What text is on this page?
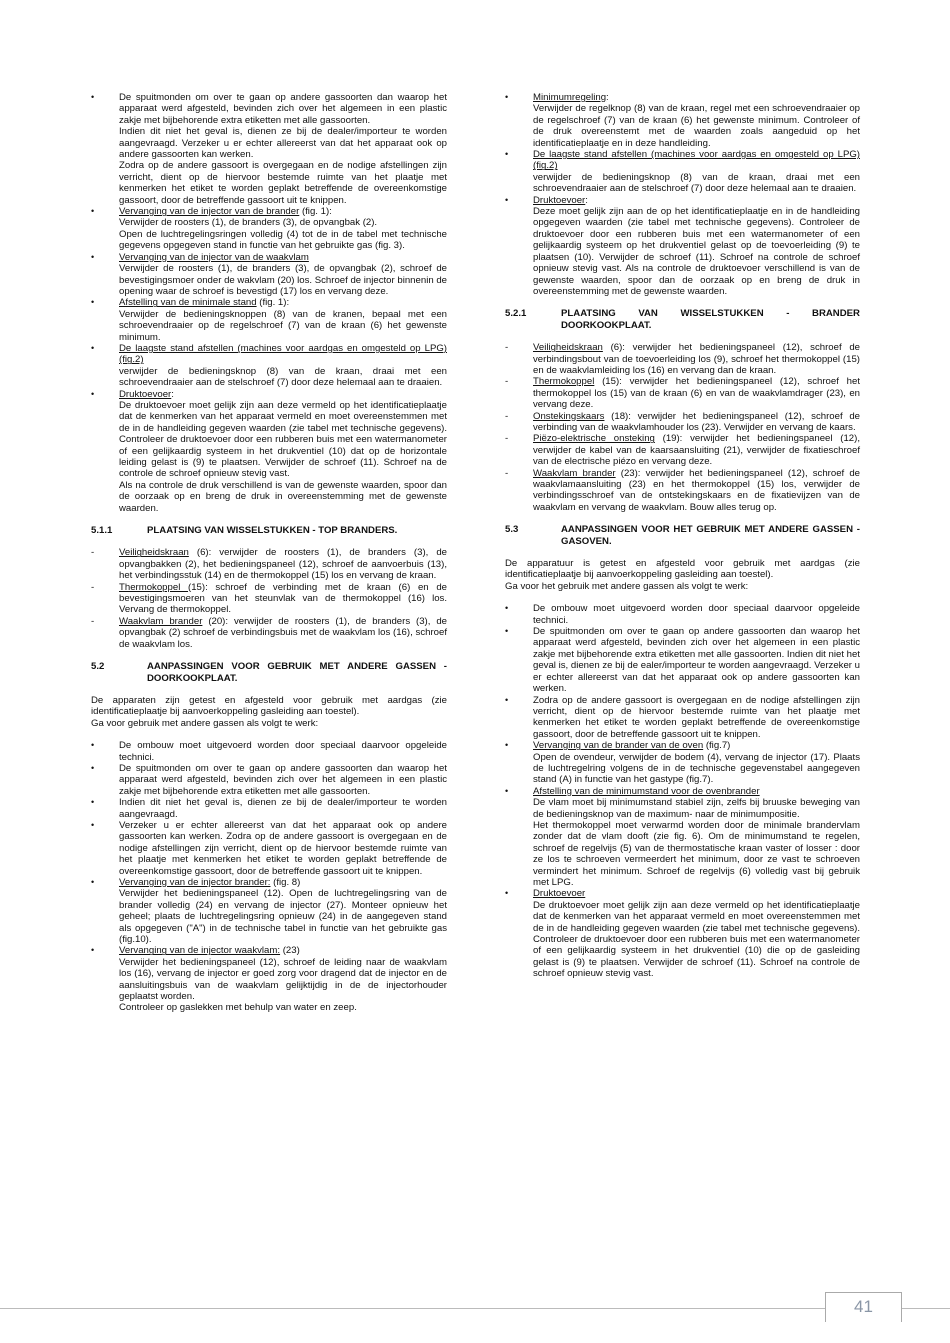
• De spuitmonden om over te gaan op andere gassoorten dan waarop het apparaat werd afgesteld, bevinden zich over het algemeen in een plastic zakje met bijbehorende extra etiketten met alle gassoorten.

Indien dit niet het geval is, dienen ze bij de dealer/importeur te worden aangevraagd. Verzeker u er echter allereerst van dat het apparaat ook op andere gassoorten kan werken.

Zodra op de andere gassoort is overgegaan en de nodige afstellingen zijn verricht, dient op de hiervoor bestemde ruimte van het plaatje met kenmerken het etiket te worden geplakt betreffende de overeenkomstige gassoort, door de betreffende gassoort uit te knippen.

• Vervanging van de injector van de brander (fig. 1):

Verwijder de roosters (1), de branders (3), de opvangbak (2).

Open de luchtregelingsringen volledig (4) tot de in de tabel met technische gegevens opgegeven stand in functie van het gebruikte gas (fig. 3).

• Vervanging van de injector van de waakvlam

Verwijder de roosters (1), de branders (3), de opvangbak (2), schroef de bevestigingsmoer onder de wakvlam (20) los. Schroef de injector binnenin de opening waar de schroef is bevestigd (17) los en vervang deze.

• Afstelling van de minimale stand (fig. 1):

Verwijder de bedieningsknoppen (8) van de kranen, bepaal met een schroevendraaier op de regelschroef (7) van de kraan (6) het gewenste minimum.

• De laagste stand afstellen (machines voor aardgas en omgesteld op LPG) (fig.2)

verwijder de bedieningsknop (8) van de kraan, draai met een schroevendraaier aan de stelschroef (7) door deze helemaal aan te draaien.

• Druktoevoer:

De druktoevoer moet gelijk zijn aan deze vermeld op het identificatieplaatje dat de kenmerken van het apparaat vermeld en moet overeenstemmen met de in de handleiding gegeven waarden (zie tabel met technische gegevens). Controleer de druktoevoer door een rubberen buis met een watermanometer of een gelijkaardig systeem in het drukventiel (10) dat op de horizontale leiding gelast is (9) te plaatsen. Verwijder de schroef (11). Schroef na de controle de schroef opnieuw stevig vast.

Als na controle de druk verschillend is van de gewenste waarden, spoor dan de oorzaak op en breng de druk in overeenstemming met de gewenste waarden.

5.1.1	PLAATSING VAN WISSELSTUKKEN - TOP BRANDERS.

- Veiligheidskraan (6): verwijder de roosters (1), de branders (3), de opvangbakken (2), het bedieningspaneel (12), schroef de aanvoerbuis (13), het verbindingsstuk (14) en de thermokoppel (15) los en vervang de kraan.

- Thermokoppel (15): schroef de verbinding met de kraan (6) en de bevestigingsmoeren van het steunvlak van de thermokoppel (16) los. Vervang de thermokoppel.

- Waakvlam brander (20): verwijder de roosters (1), de branders (3), de opvangbak (2) schroef de verbindingsbuis met de waakvlam los (16), schroef de waakvlam los.

5.2	AANPASSINGEN VOOR GEBRUIK MET ANDERE GASSEN - DOORKOOKPLAAT.

De apparaten zijn getest en afgesteld voor gebruik met aardgas (zie identificatieplaatje bij aanvoerkoppeling gasleiding aan toestel).

Ga voor gebruik met andere gassen als volgt te werk:

• De ombouw moet uitgevoerd worden door speciaal daarvoor opgeleide technici.

• De spuitmonden om over te gaan op andere gassoorten dan waarop het apparaat werd afgesteld, bevinden zich over het algemeen in een plastic zakje met bijbehorende extra etiketten met alle gassoorten.

• Indien dit niet het geval is, dienen ze bij de dealer/importeur te worden aangevraagd.

• Verzeker u er echter allereerst van dat het apparaat ook op andere gassoorten kan werken. Zodra op de andere gassoort is overgegaan en de nodige afstellingen zijn verricht, dient op de hiervoor bestemde ruimte van het plaatje met kenmerken het etiket te worden geplakt betreffende de overeenkomstige gassoort, door de betreffende gassoort uit te knippen.

• Vervanging van de injector brander: (fig. 8)

Verwijder het bedieningspaneel (12). Open de luchtregelingsring van de brander volledig (24) en vervang de injector (27). Monteer opnieuw het geheel; plaats de luchtregelingsring opnieuw (24) in de aangegeven stand als opgegeven ("A") in de technische tabel in functie van het gebruikte gas (fig.10).

• Vervanging van de injector waakvlam: (23)

Verwijder het bedieningspaneel (12), schroef de leiding naar de waakvlam los (16), vervang de injector er goed zorg voor dragend dat de injector en de aansluitingsbuis van de waakvlam gelijktijdig in de de injectorhouder geplaatst worden.

Controleer op gaslekken met behulp van water en zeep.

• Minimumregeling:

Verwijder de regelknop (8) van de kraan, regel met een schroevendraaier op de regelschroef (7) van de kraan (6) het gewenste minimum. Controleer of de druk overeenstemt met de waarden zoals aangeduid op het identificatieplaatje en in deze handleiding.

• De laagste stand afstellen (machines voor aardgas en omgesteld op LPG) (fig.2)

verwijder de bedieningsknop (8) van de kraan, draai met een schroevendraaier aan de stelschroef (7) door deze helemaal aan te draaien.

• Druktoevoer:

Deze moet gelijk zijn aan de op het identificatieplaatje en in de handleiding opgegeven waarden (zie tabel met technische gegevens). Controleer de druktoevoer door een rubberen buis met een watermanometer of een gelijkaardig systeem op het drukventiel gelast op de toevoerleiding (9) te plaatsen (10). Verwijder de schroef (11). Schroef na controle de schroef opnieuw stevig vast. Als na controle de druktoevoer verschillend is van de gewenste waarden, spoor dan de oorzaak op en breng de druk in overeenstemming met de gewenste waarden.

5.2.1	PLAATSING VAN WISSELSTUKKEN - BRANDER DOORKOOKPLAAT.

- Veiligheidskraan (6): verwijder het bedieningspaneel (12), schroef de verbindingsbout van de toevoerleiding los (9), schroef het thermokoppel (15) en de waakvlamleiding los (16) en vervang dan de kraan.

- Thermokoppel (15): verwijder het bedieningspaneel (12), schroef het thermokoppel los (15) van de kraan (6) en van de waakvlamdrager (23), en vervang deze.

- Onstekingskaars (18): verwijder het bedieningspaneel (12), schroef de verbinding van de waakvlamhouder los (23). Verwijder en vervang de kaars.

- Piëzo-elektrische onsteking (19): verwijder het bedieningspaneel (12), verwijder de kabel van de kaarsaansluiting (21), verwijder de fixatieschroef van de electrische piézo en vervang deze.

- Waakvlam brander (23): verwijder het bedieningspaneel (12), schroef de waakvlamaansluiting (23) en het thermokoppel (15) los, verwijder de verbindingsschroef van de ontstekingskaars en de fixatievijzen van de waakvlam en vervang de waakvlam. Bouw alles terug op.

5.3	AANPASSINGEN VOOR HET GEBRUIK MET ANDERE GASSEN - GASOVEN.

De apparatuur is getest en afgesteld voor gebruik met aardgas (zie identificatieplaatje bij aanvoerkoppeling gasleiding aan toestel).

Ga voor het gebruik met andere gassen als volgt te werk:

• De ombouw moet uitgevoerd worden door speciaal daarvoor opgeleide technici.

• De spuitmonden om over te gaan op andere gassoorten dan waarop het apparaat werd afgesteld, bevinden zich over het algemeen in een plastic zakje met bijbehorende extra etiketten met alle gassoorten. Indien dit niet het geval is, dienen ze bij de ealer/importeur te worden aangevraagd. Verzeker u er echter allereerst van dat het apparaat ook op andere gassoorten kan werken.

• Zodra op de andere gassoort is overgegaan en de nodige afstellingen zijn verricht, dient op de hiervoor bestemde ruimte van het plaatje met kenmerken het etiket te worden geplakt betreffende de overeenkomstige gassoort, door de betreffende gassoort uit te knippen.

• Vervanging van de brander van de oven (fig.7)

Open de ovendeur, verwijder de bodem (4), vervang de injector (17). Plaats de luchtregelring volgens de in de technische gegevenstabel aangegeven stand (A) in functie van het gastype (fig.7).

• Afstelling van de minimumstand voor de ovenbrander

De vlam moet bij minimumstand stabiel zijn, zelfs bij bruuske beweging van de bedieningsknop van de maximum- naar de minimumpositie.

Het thermokoppel moet verwarmd worden door de minimale brandervlam zonder dat de vlam dooft (zie fig. 6). Om de minimumstand te regelen, schroef de regelvijs (5) van de thermostatische kraan vaster of losser : door ze los te schroeven vermeerdert het minimum, door ze vast te schroeven vermindert het minimum. Schroef de regelvijs (6) volledig vast bij gebruik met LPG.

• Druktoevoer

De druktoevoer moet gelijk zijn aan deze vermeld op het identificatieplaatje dat de kenmerken van het apparaat vermeld en moet overeenstemmen met de in de handleiding gegeven waarden (zie tabel met technische gegevens). Controleer de druktoevoer door een rubberen buis met een watermanometer of een gelijkaardig systeem in het drukventiel (10) die op de gasleiding gelast is (9) te plaatsen. Verwijder de schroef (11). Schroef na controle de schroef opnieuw stevig vast.

41
